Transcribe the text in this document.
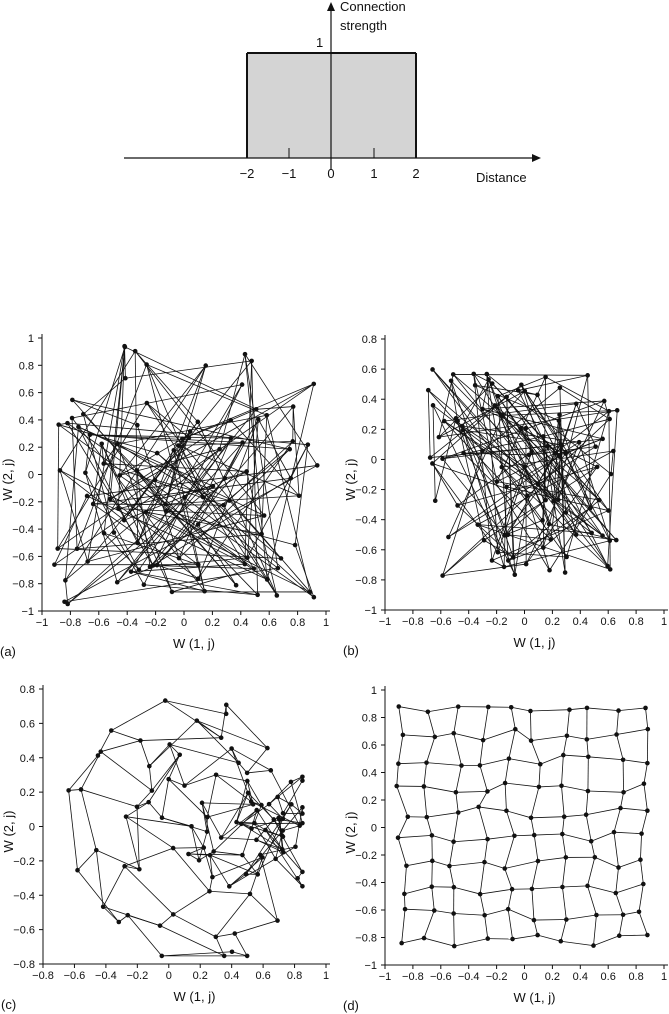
Connection
strength
1
Distance
−2 −1 0	1	2
−1 −0.8 −0.6 −0.4 −0.2 0 0.2 0.4 0.6 0.8 1
1
0.8
0.6
0.4
0.2
0
−0.2
−0.4
−0.6
−0.8
−1
W (1, j)
W (2, j)
(a)
−1 −0.8 −0.6 −0.4 −0.2 0 0.2 0.4 0.6 0.8 1
0.8
0.6
0.4
0.2
0
−0.2
−0.4
−0.6
−0.8
−1
W (1, j)
W (2, j)
(b)
−0.8 −0.6 −0.4 −0.2 0 0.2 0.4 0.6 0.8 1
0.8
0.6
0.4
0.2
0
−0.2
−0.4
−0.6
−0.8
W (1, j)
W (2, j)
(c)
−1 −0.8 −0.6 −0.4 −0.2 0 0.2 0.4 0.6 0.8 1
1
0.8
0.6
0.4
0.2
0
−0.2
−0.4
−0.6
−0.8
−1
W (1, j)
W (2, j)
(d)
